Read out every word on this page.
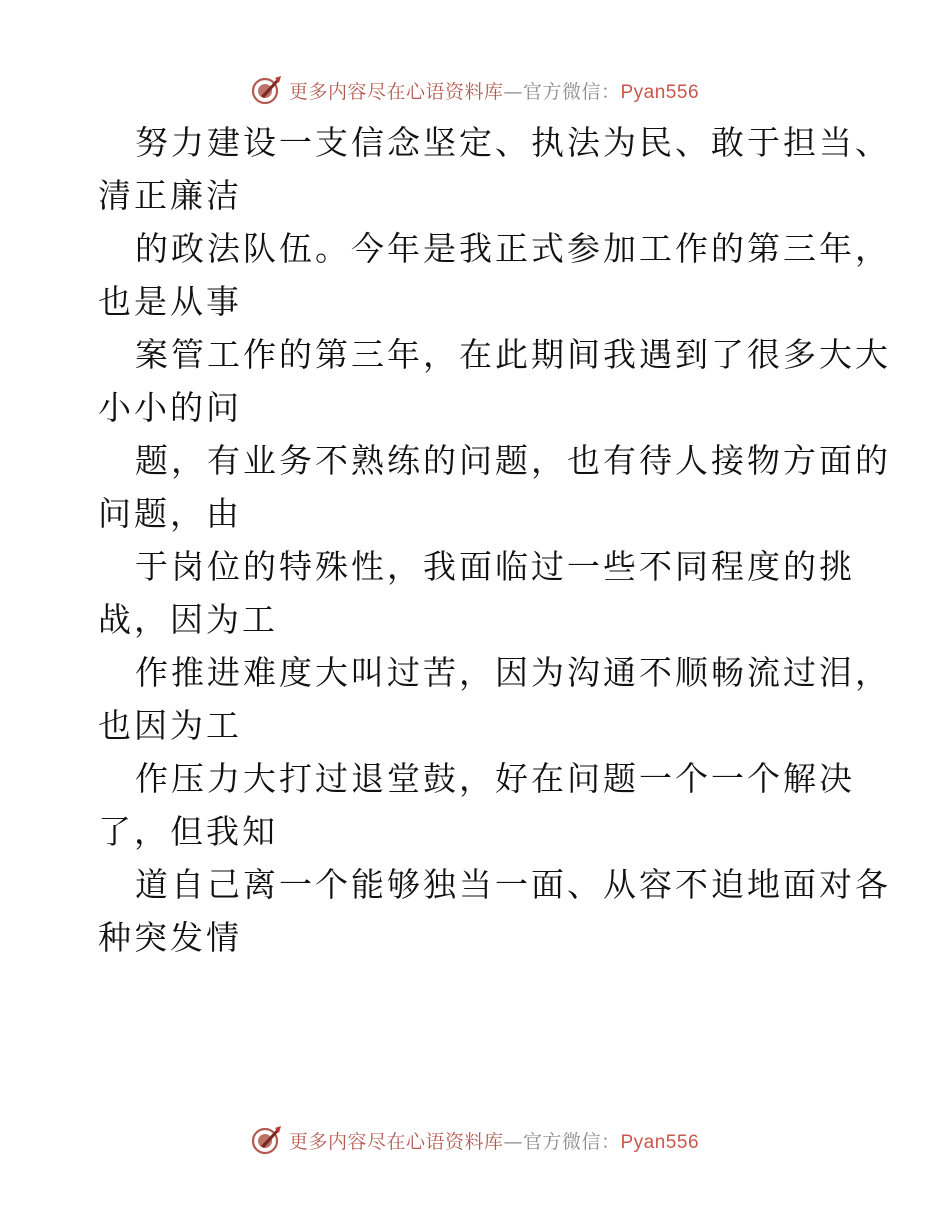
更多内容尽在心语资料库—官方微信：Pyan556
努力建设一支信念坚定、执法为民、敢于担当、
清正廉洁
的政法队伍。今年是我正式参加工作的第三年，
也是从事
案管工作的第三年，在此期间我遇到了很多大大
小小的问
题，有业务不熟练的问题，也有待人接物方面的
问题，由
于岗位的特殊性，我面临过一些不同程度的挑
战，因为工
作推进难度大叫过苦，因为沟通不顺畅流过泪，
也因为工
作压力大打过退堂鼓，好在问题一个一个解决
了，但我知
道自己离一个能够独当一面、从容不迫地面对各
种突发情
更多内容尽在心语资料库—官方微信：Pyan556
